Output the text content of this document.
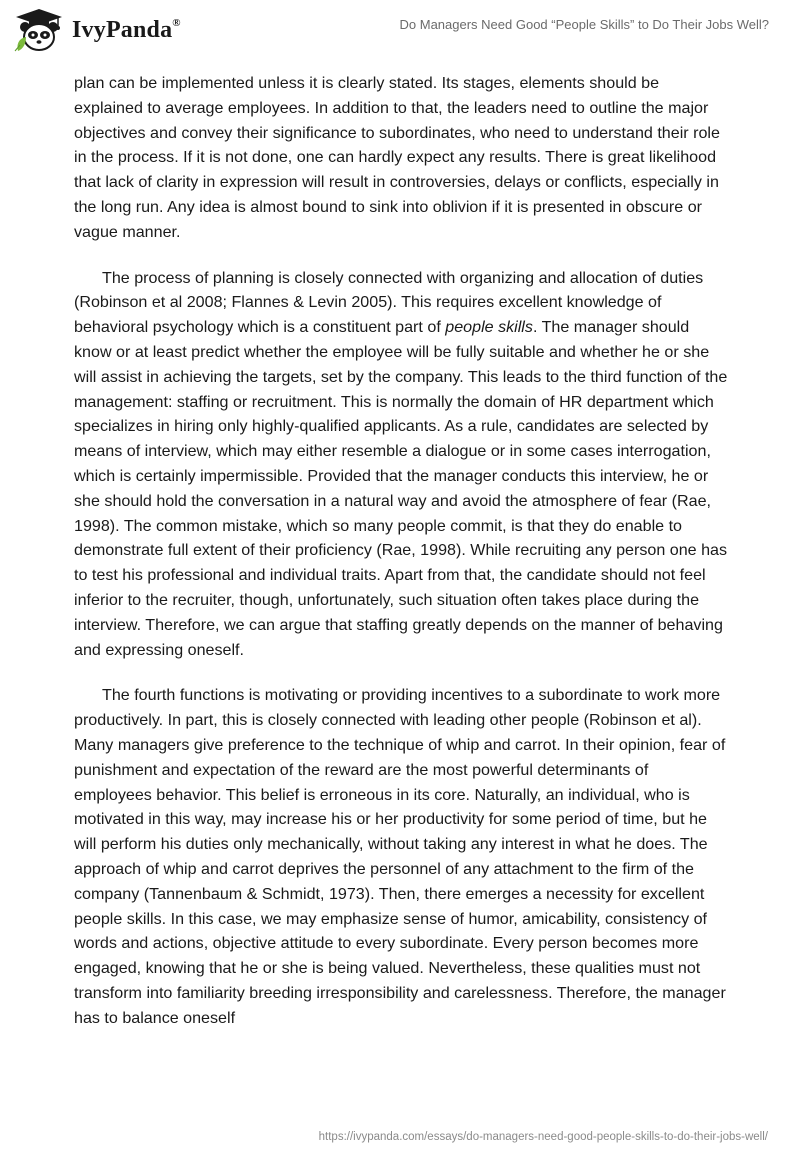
IvyPanda®	Do Managers Need Good “People Skills” to Do Their Jobs Well?

plan can be implemented unless it is clearly stated. Its stages, elements should be explained to average employees. In addition to that, the leaders need to outline the major objectives and convey their significance to subordinates, who need to understand their role in the process. If it is not done, one can hardly expect any results. There is great likelihood that lack of clarity in expression will result in controversies, delays or conflicts, especially in the long run. Any idea is almost bound to sink into oblivion if it is presented in obscure or vague manner.

The process of planning is closely connected with organizing and allocation of duties (Robinson et al 2008; Flannes & Levin 2005). This requires excellent knowledge of behavioral psychology which is a constituent part of people skills. The manager should know or at least predict whether the employee will be fully suitable and whether he or she will assist in achieving the targets, set by the company. This leads to the third function of the management: staffing or recruitment. This is normally the domain of HR department which specializes in hiring only highly-qualified applicants. As a rule, candidates are selected by means of interview, which may either resemble a dialogue or in some cases interrogation, which is certainly impermissible. Provided that the manager conducts this interview, he or she should hold the conversation in a natural way and avoid the atmosphere of fear (Rae, 1998). The common mistake, which so many people commit, is that they do enable to demonstrate full extent of their proficiency (Rae, 1998). While recruiting any person one has to test his professional and individual traits. Apart from that, the candidate should not feel inferior to the recruiter, though, unfortunately, such situation often takes place during the interview. Therefore, we can argue that staffing greatly depends on the manner of behaving and expressing oneself.

The fourth functions is motivating or providing incentives to a subordinate to work more productively. In part, this is closely connected with leading other people (Robinson et al). Many managers give preference to the technique of whip and carrot. In their opinion, fear of punishment and expectation of the reward are the most powerful determinants of employees behavior. This belief is erroneous in its core. Naturally, an individual, who is motivated in this way, may increase his or her productivity for some period of time, but he will perform his duties only mechanically, without taking any interest in what he does. The approach of whip and carrot deprives the personnel of any attachment to the firm of the company (Tannenbaum & Schmidt, 1973). Then, there emerges a necessity for excellent people skills. In this case, we may emphasize sense of humor, amicability, consistency of words and actions, objective attitude to every subordinate. Every person becomes more engaged, knowing that he or she is being valued. Nevertheless, these qualities must not transform into familiarity breeding irresponsibility and carelessness. Therefore, the manager has to balance oneself

https://ivypanda.com/essays/do-managers-need-good-people-skills-to-do-their-jobs-well/
